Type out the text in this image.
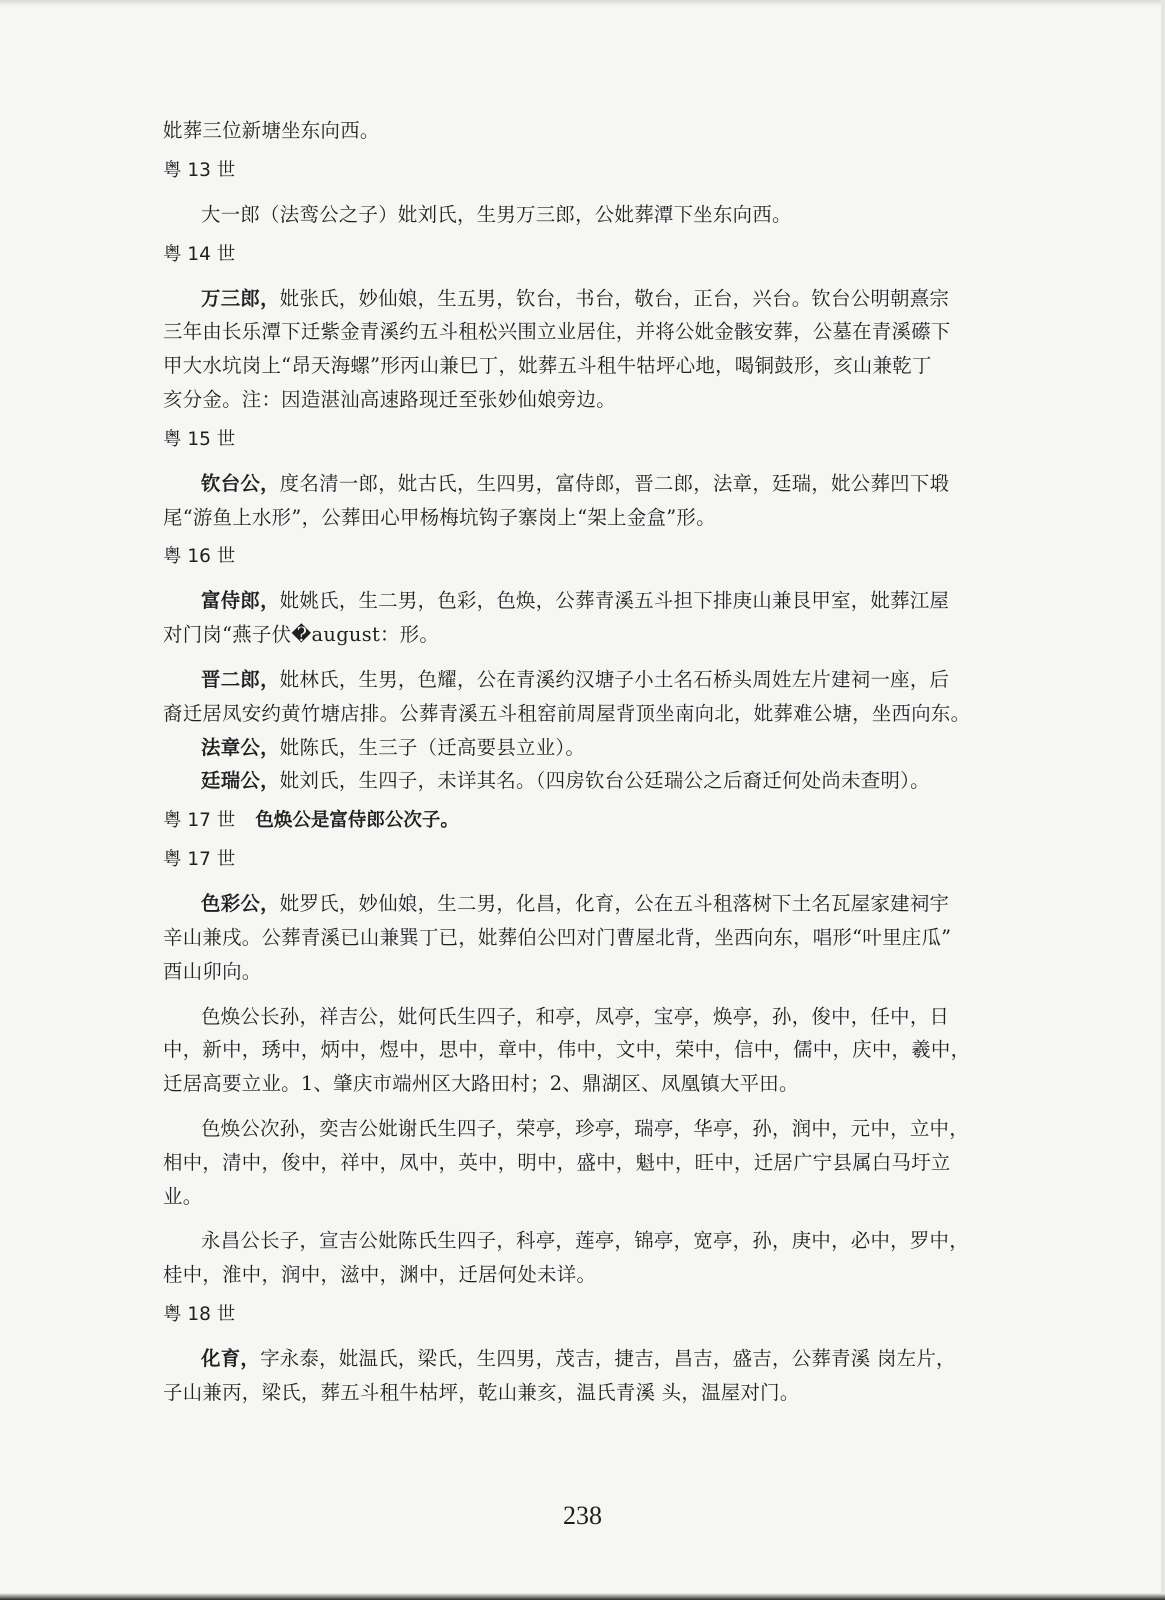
妣葬三位新塘坐东向西。

粤 13 世

大一郎（法鸾公之子）妣刘氏，生男万三郎，公妣葬潭下坐东向西。

粤 14 世

万三郎，妣张氏，妙仙娘，生五男，钦台，书台，敬台，正台，兴台。钦台公明朝熹宗

三年由长乐潭下迁紫金青溪约五斗租松兴围立业居住，并将公妣金骸安葬，公墓在青溪礤下

甲大水坑岗上“昂天海螺”形丙山兼巳丁，妣葬五斗租牛牯坪心地，喝铜鼓形，亥山兼乾丁

亥分金。注：因造湛汕高速路现迁至张妙仙娘旁边。

粤 15 世

钦台公，度名清一郎，妣古氏，生四男，富侍郎，晋二郎，法章，廷瑞，妣公葬凹下塅

尾“游鱼上水形”，公葬田心甲杨梅坑钩子寨岗上“架上金盒”形。

粤 16 世

富侍郎，妣姚氏，生二男，色彩，色焕，公葬青溪五斗担下排庚山兼艮甲室，妣葬江屋

对门岗“燕子伏�august：形。

晋二郎，妣林氏，生男，色耀，公在青溪约汉塘子小土名石桥头周姓左片建祠一座，后

裔迁居凤安约黄竹塘店排。公葬青溪五斗租窑前周屋背顶坐南向北，妣葬难公塘，坐西向东。

法章公，妣陈氏，生三子（迁高要县立业）。

廷瑞公，妣刘氏，生四子，未详其名。（四房钦台公廷瑞公之后裔迁何处尚未查明）。

粤 17 世 色焕公是富侍郎公次子。
粤 17 世

色彩公，妣罗氏，妙仙娘，生二男，化昌，化育，公在五斗租落树下土名瓦屋家建祠宇

辛山兼戌。公葬青溪已山兼巽丁已，妣葬伯公凹对门曹屋北背，坐西向东，唱形“叶里庄瓜”

酉山卯向。

色焕公长孙，祥吉公，妣何氏生四子，和亭，凤亭，宝亭，焕亭，孙，俊中，任中，日

中，新中，琇中，炳中，煜中，思中，章中，伟中，文中，荣中，信中，儒中，庆中，羲中，

迁居高要立业。1、肇庆市端州区大路田村；2、鼎湖区、凤凰镇大平田。

色焕公次孙，奕吉公妣谢氏生四子，荣亭，珍亭，瑞亭，华亭，孙，润中，元中，立中，

相中，清中，俊中，祥中，凤中，英中，明中，盛中，魁中，旺中，迁居广宁县属白马圩立

业。

永昌公长子，宣吉公妣陈氏生四子，科亭，莲亭，锦亭，宽亭，孙，庚中，必中，罗中，

桂中，淮中，润中，滋中，渊中，迁居何处未详。

粤 18 世

化育，字永泰，妣温氏，梁氏，生四男，茂吉，捷吉，昌吉，盛吉，公葬青溪 岗左片，

子山兼丙，梁氏，葬五斗租牛枯坪，乾山兼亥，温氏青溪 头，温屋对门。

238
